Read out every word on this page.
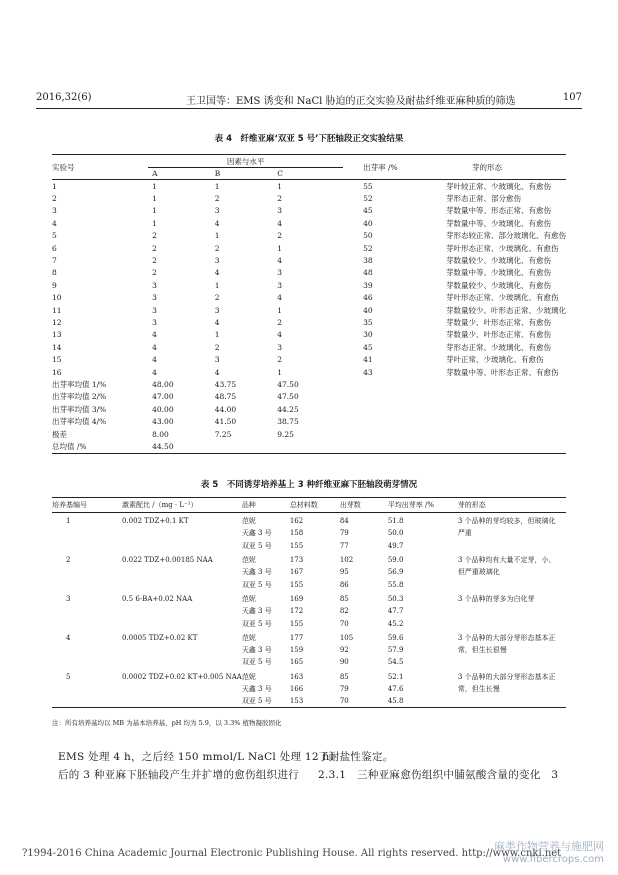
2016,32(6)	王卫国等：EMS 诱变和 NaCl 胁迫的正交实验及耐盐纤维亚麻种质的筛选	107
表 4　纤维亚麻‘双亚 5 号’下胚轴段正交实验结果
实验号	因素与水平			出芽率 /%	芽的形态
	A	B	C		
1	1	1	1	55	芽叶较正常、少玻璃化、有愈伤
2	1	2	2	52	芽形态正常、部分愈伤
3	1	3	3	45	芽数量中等、形态正常、有愈伤
4	1	4	4	40	芽数量中等、少玻璃化、有愈伤
5	2	1	2	50	芽形态较正常、部分玻璃化、有愈伤
6	2	2	1	52	芽叶形态正常、少玻璃化、有愈伤
7	2	3	4	38	芽数量较少、少玻璃化、有愈伤
8	2	4	3	48	芽数量中等、少玻璃化、有愈伤
9	3	1	3	39	芽数量较少、少玻璃化、有愈伤
10	3	2	4	46	芽叶形态正常、少玻璃化、有愈伤
11	3	3	1	40	芽数量较少、叶形态正常、少玻璃化
12	3	4	2	35	芽数量少、叶形态正常、有愈伤
13	4	1	4	30	芽数量少、叶形态正常、有愈伤
14	4	2	3	45	芽形态正常、少玻璃化、有愈伤
15	4	3	2	41	芽叶正常、少玻璃化、有愈伤
16	4	4	1	43	芽数量中等、叶形态正常、有愈伤
出芽率均值 1/%	48.00	43.75	47.50		
出芽率均值 2/%	47.00	48.75	47.50		
出芽率均值 3/%	40.00	44.00	44.25		
出芽率均值 4/%	43.00	41.50	38.75		
极差	8.00	7.25	9.25		
总均值 /%	44.50				
表 5　不同诱芽培养基上 3 种纤维亚麻下胚轴段萌芽情况
培养基编号	激素配比 /（mg · L⁻¹）	品种	总材料数	出芽数	平均出芽率 /%	芽的形态
1	0.002 TDZ+0.1 KT	范妮	162	84	51.8	3 个品种的芽均较多，但玻璃化
		天鑫 3 号	158	79	50.0	严重
		双亚 5 号	155	77	49.7	
2	0.022 TDZ+0.00185 NAA	范妮	173	102	59.0	3 个品种均有大量不定芽，小、
		天鑫 3 号	167	95	56.9	但严重玻璃化
		双亚 5 号	155	86	55.8	
3	0.5 6-BA+0.02 NAA	范妮	169	85	50.3	3 个品种的芽多为白化芽
		天鑫 3 号	172	82	47.7	
		双亚 5 号	155	70	45.2	
4	0.0005 TDZ+0.02 KT	范妮	177	105	59.6	3 个品种的大部分芽形态基本正
		天鑫 3 号	159	92	57.9	常，但生长很慢
		双亚 5 号	165	90	54.5	
5	0.0002 TDZ+0.02 KT+0.005 NAA	范妮	163	85	52.1	3 个品种的大部分芽形态基本正
		天鑫 3 号	166	79	47.6	常，但生长慢
		双亚 5 号	153	70	45.8	
注：所有培养基均以 MB 为基本培养基，pH 均为 5.9，以 3.3% 植物凝胶固化
EMS 处理 4 h，之后经 150 mmol/L NaCl 处理 12 h）
后的 3 种亚麻下胚轴段产生并扩增的愈伤组织进行
了耐盐性鉴定。
2.3.1　三种亚麻愈伤组织中脯氨酸含量的变化　3
?1994-2016 China Academic Journal Electronic Publishing House. All rights reserved. http://www.cnki.net
麻类作物营养与施肥网
www.fibercrops.com
